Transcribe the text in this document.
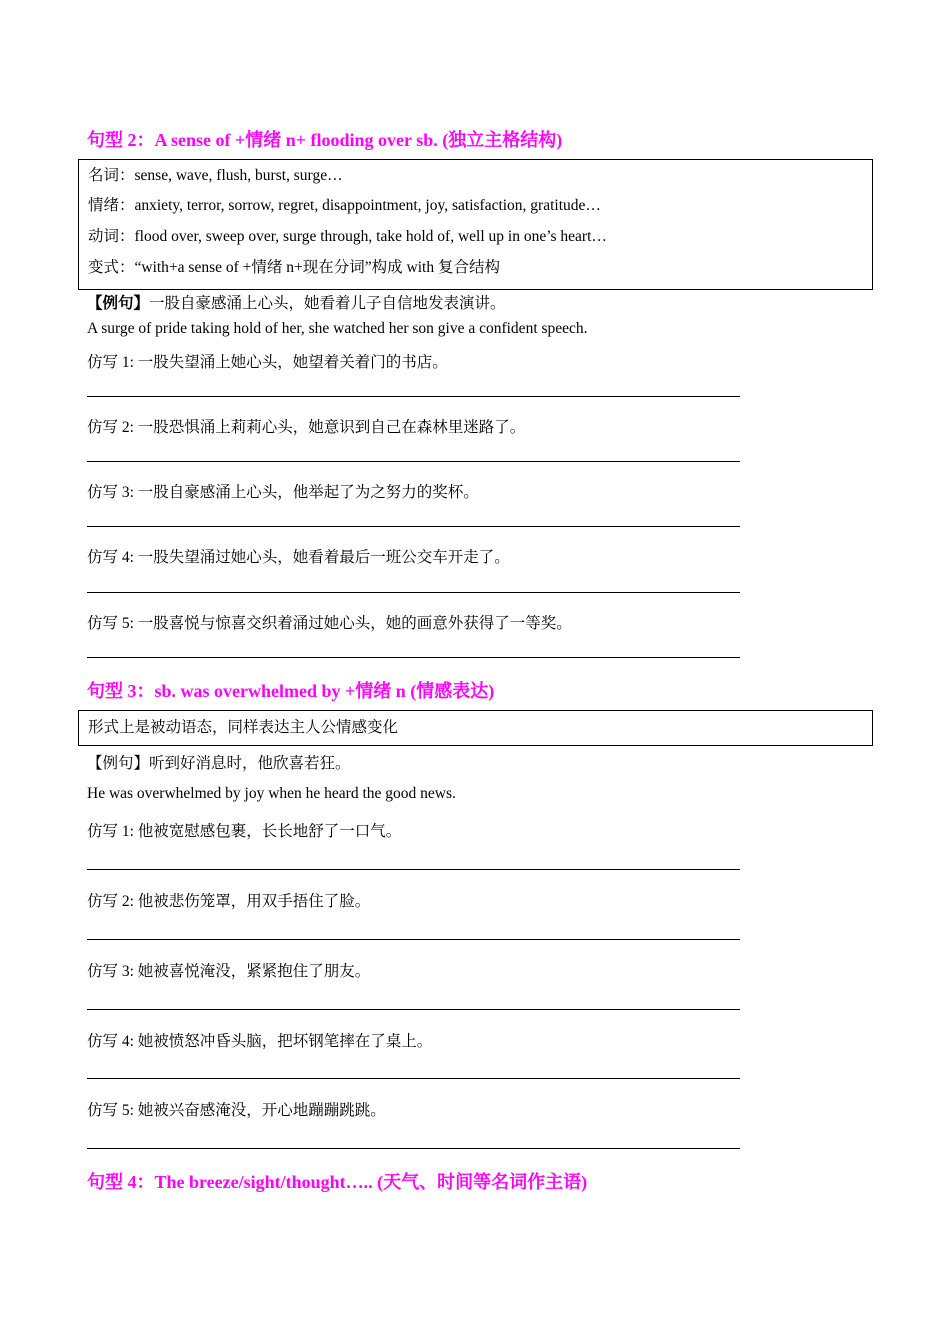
句型 2：A sense of +情绪 n+ flooding over sb. (独立主格结构)
名词：sense, wave, flush, burst, surge…
情绪：anxiety, terror, sorrow, regret, disappointment, joy, satisfaction, gratitude…
动词：flood over, sweep over, surge through, take hold of, well up in one’s heart…
变式：“with+a sense of +情绪 n+现在分词”构成 with 复合结构
【例句】一股自豪感涌上心头，她看着儿子自信地发表演讲。
A surge of pride taking hold of her, she watched her son give a confident speech.
仿写 1: 一股失望涌上她心头，她望着关着门的书店。
仿写 2: 一股恐惧涌上莉莉心头，她意识到自己在森林里迷路了。
仿写 3: 一股自豪感涌上心头，他举起了为之努力的奖杯。
仿写 4: 一股失望涌过她心头，她看着最后一班公交车开走了。
仿写 5: 一股喜悦与惊喜交织着涌过她心头，她的画意外获得了一等奖。
句型 3：sb. was overwhelmed by +情绪 n (情感表达)
形式上是被动语态，同样表达主人公情感变化
【例句】听到好消息时，他欣喜若狂。
He was overwhelmed by joy when he heard the good news.
仿写 1: 他被宽慰感包裹，长长地舒了一口气。
仿写 2: 他被悲伤笼罩，用双手捂住了脸。
仿写 3: 她被喜悦淹没，紧紧抱住了朋友。
仿写 4: 她被愤怒冲昏头脑，把坏钢笔摔在了桌上。
仿写 5: 她被兴奋感淹没，开心地蹦蹦跳跳。
句型 4：The breeze/sight/thought….. (天气、时间等名词作主语)
